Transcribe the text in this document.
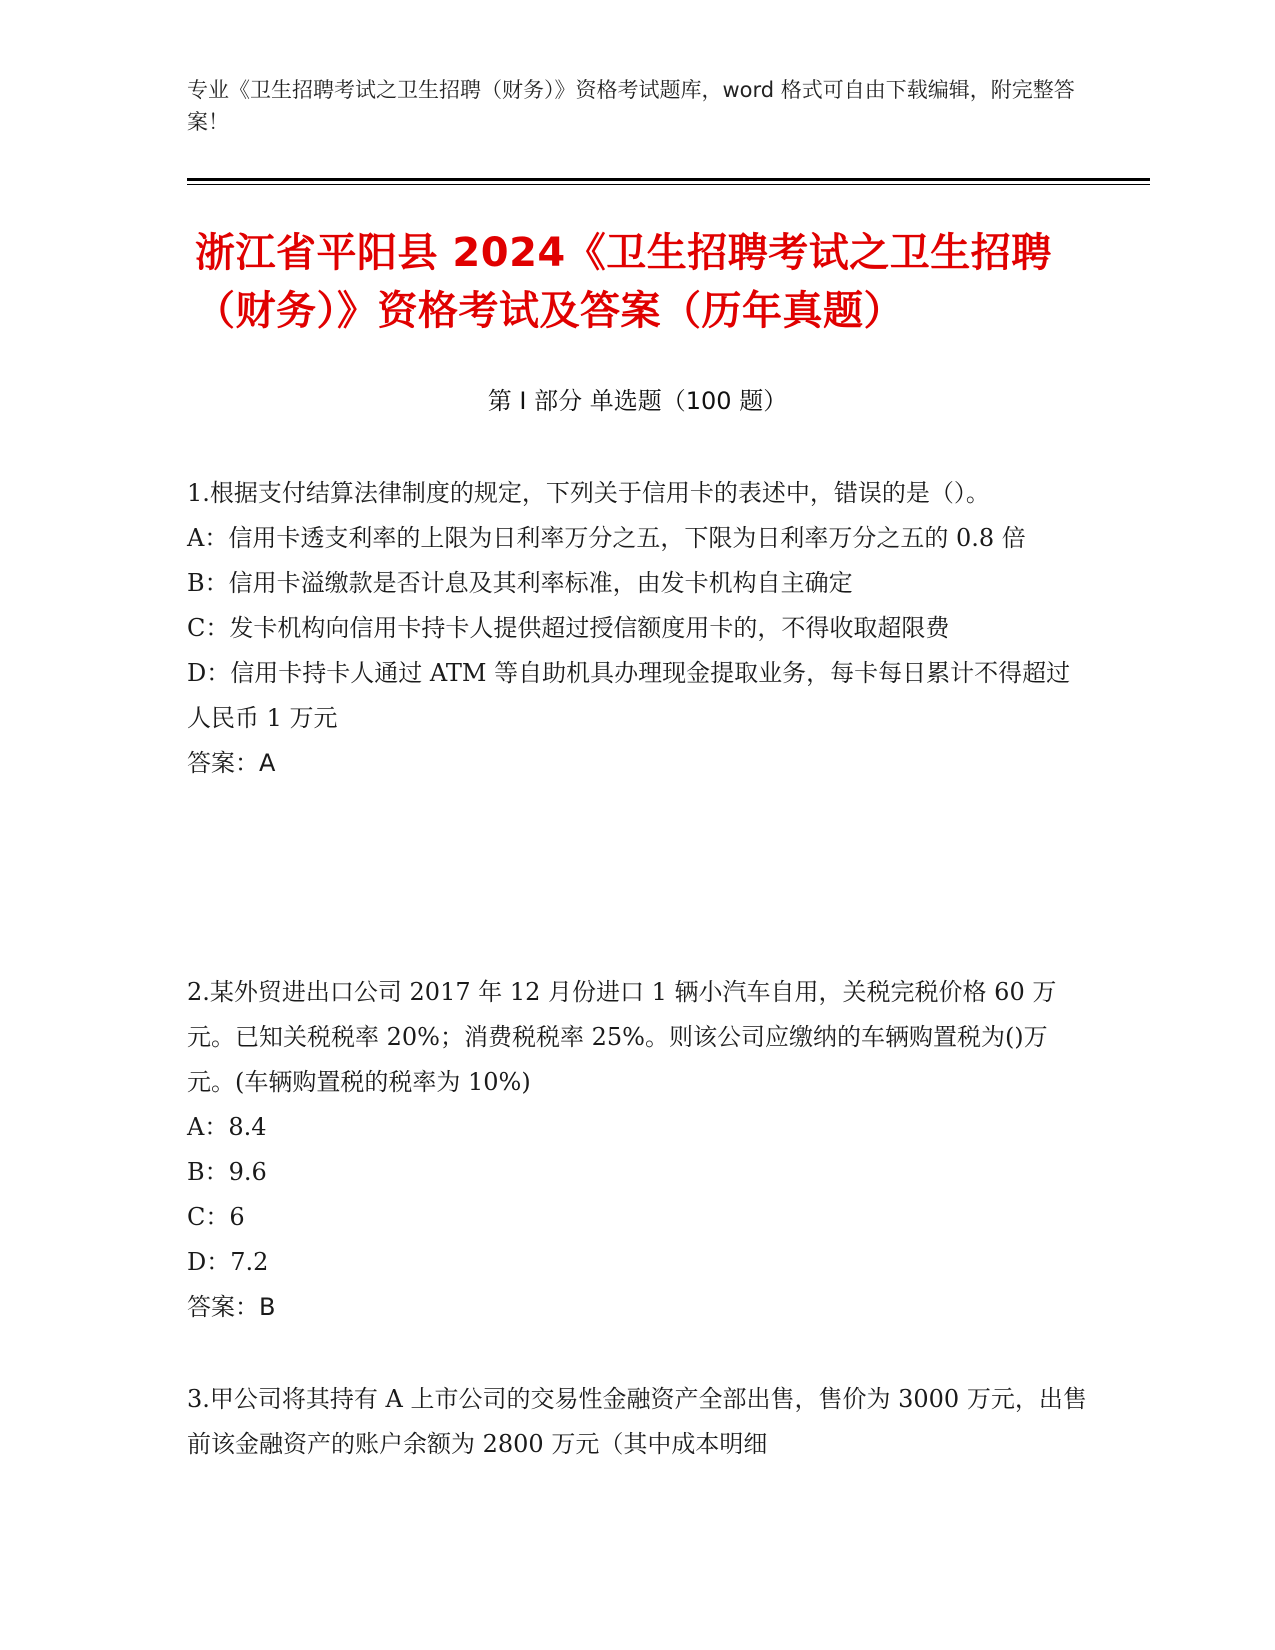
专业《卫生招聘考试之卫生招聘（财务）》资格考试题库，word 格式可自由下载编辑，附完整答案！
浙江省平阳县 2024《卫生招聘考试之卫生招聘（财务）》资格考试及答案（历年真题）
第 I 部分 单选题（100 题）

1.根据支付结算法律制度的规定，下列关于信用卡的表述中，错误的是（）。

A：信用卡透支利率的上限为日利率万分之五，下限为日利率万分之五的 0.8 倍

B：信用卡溢缴款是否计息及其利率标准，由发卡机构自主确定

C：发卡机构向信用卡持卡人提供超过授信额度用卡的，不得收取超限费

D：信用卡持卡人通过 ATM 等自助机具办理现金提取业务，每卡每日累计不得超过人民币 1 万元

答案：A

2.某外贸进出口公司 2017 年 12 月份进口 1 辆小汽车自用，关税完税价格 60 万元。已知关税税率 20%；消费税税率 25%。则该公司应缴纳的车辆购置税为()万元。(车辆购置税的税率为 10%)

A：8.4

B：9.6

C：6

D：7.2

答案：B

3.甲公司将其持有 A 上市公司的交易性金融资产全部出售，售价为 3000 万元，出售前该金融资产的账户余额为 2800 万元（其中成本明细
